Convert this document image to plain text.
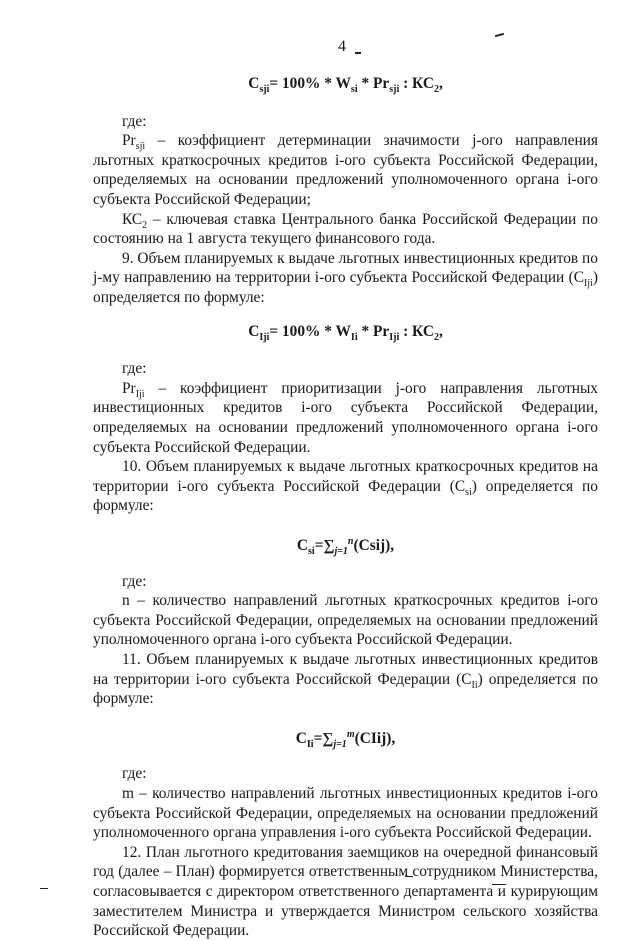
4
$C_{sji}= 100\% * W_{si} * Pr_{sji}$ : $КС_2$,

где:

$Pr_{sji}$ – коэффициент детерминации значимости j-ого направления льготных краткосрочных кредитов i-ого субъекта Российской Федерации, определяемых на основании предложений уполномоченного органа i-ого субъекта Российской Федерации;

$КС_2$ – ключевая ставка Центрального банка Российской Федерации по состоянию на 1 августа текущего финансового года.

9. Объем планируемых к выдаче льготных инвестиционных кредитов по j-му направлению на территории i-ого субъекта Российской Федерации $(C_{Iji})$ определяется по формуле:

$C_{Iji}= 100\% * W_{Ii} * Pr_{Iji}$ : $КС_2$,

где:

$Pr_{Iji}$ – коэффициент приоритизации j-ого направления льготных инвестиционных кредитов i-ого субъекта Российской Федерации, определяемых на основании предложений уполномоченного органа i-ого субъекта Российской Федерации.

10. Объем планируемых к выдаче льготных краткосрочных кредитов на территории i-ого субъекта Российской Федерации $(C_{si})$ определяется по формуле:

$C_{si}=\sum_{j=1}^n(Csij)$,

где:

n – количество направлений льготных краткосрочных кредитов i-ого субъекта Российской Федерации, определяемых на основании предложений уполномоченного органа i-ого субъекта Российской Федерации.

11. Объем планируемых к выдаче льготных инвестиционных кредитов на территории i-ого субъекта Российской Федерации $(C_{Ii})$ определяется по формуле:

$C_{Ii}=\sum_{j=1}^m(CIij)$,

где:

m – количество направлений льготных инвестиционных кредитов i-ого субъекта Российской Федерации, определяемых на основании предложений уполномоченного органа управления i-ого субъекта Российской Федерации.

12. План льготного кредитования заемщиков на очередной финансовый год (далее – План) формируется ответственным сотрудником Министерства, согласовывается с директором ответственного департамента и курирующим заместителем Министра и утверждается Министром сельского хозяйства Российской Федерации.
